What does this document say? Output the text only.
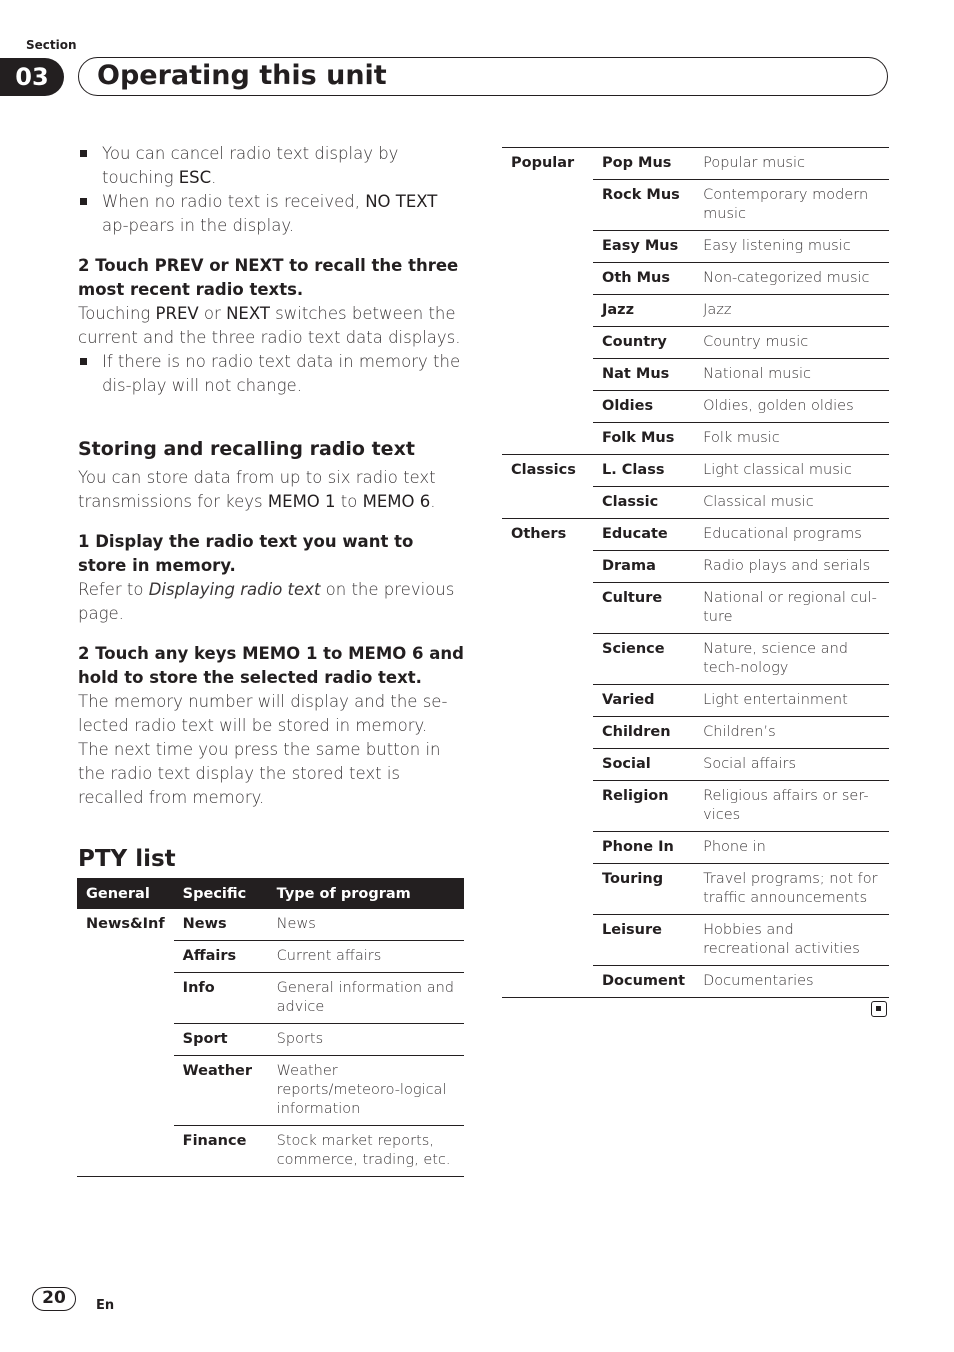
Section
03	Operating this unit

You can cancel radio text display by touching ESC.

When no radio text is received, NO TEXT ap-pears in the display.

2 Touch PREV or NEXT to recall the three most recent radio texts.

Touching PREV or NEXT switches between the current and the three radio text data displays.

If there is no radio text data in memory the dis-play will not change.

Storing and recalling radio text

You can store data from up to six radio text transmissions for keys MEMO 1 to MEMO 6.

1 Display the radio text you want to store in memory.

Refer to Displaying radio text on the previous page.

2 Touch any keys MEMO 1 to MEMO 6 and hold to store the selected radio text.

The memory number will display and the se-lected radio text will be stored in memory.

The next time you press the same button in the radio text display the stored text is recalled from memory.

PTY list

General	Specific	Type of program
News&Inf	News	News
	Affairs	Current affairs
	Info	General information and advice
	Sport	Sports
	Weather	Weather reports/meteoro-logical information
	Finance	Stock market reports, commerce, trading, etc.
Popular	Pop Mus	Popular music
	Rock Mus	Contemporary modern music
	Easy Mus	Easy listening music
	Oth Mus	Non-categorized music
	Jazz	Jazz
	Country	Country music
	Nat Mus	National music
	Oldies	Oldies, golden oldies
	Folk Mus	Folk music
Classics	L. Class	Light classical music
	Classic	Classical music
Others	Educate	Educational programs
	Drama	Radio plays and serials
	Culture	National or regional cul-ture
	Science	Nature, science and tech-nology
	Varied	Light entertainment
	Children	Children’s
	Social	Social affairs
	Religion	Religious affairs or ser-vices
	Phone In	Phone in
	Touring	Travel programs; not for traffic announcements
	Leisure	Hobbies and recreational activities
	Document	Documentaries
20	En
